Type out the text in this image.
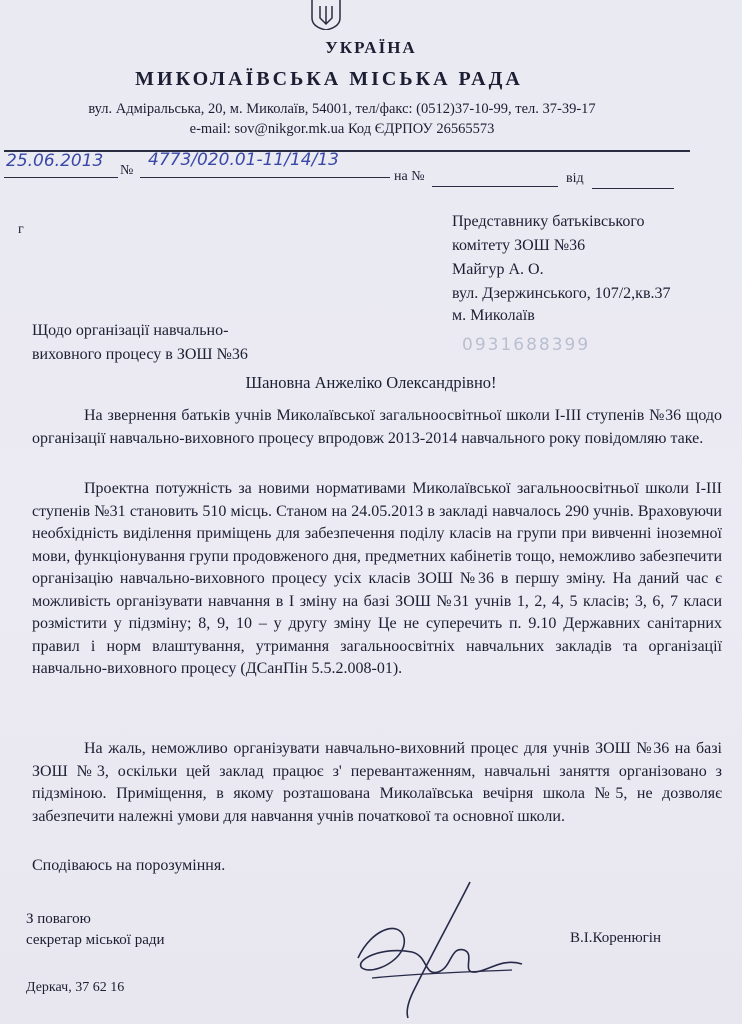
УКРАЇНА
МИКОЛАЇВСЬКА МІСЬКА РАДА
вул. Адміральська, 20, м. Миколаїв, 54001, тел/факс: (0512)37-10-99, тел. 37-39-17
e-mail: sov@nikgor.mk.ua Код ЄДРПОУ 26565573
25.06.2013 №
4773/020.01-11/14/13
на №	від
г	Представнику батьківського
комітету ЗОШ №36
Майгур А. О.
вул. Дзержинського, 107/2,кв.37
м. Миколаїв
0931688399
Щодо організації навчально-
виховного процесу в ЗОШ №36
Шановна Анжеліко Олександрівно!
На звернення батьків учнів Миколаївської загальноосвітньої школи I-III ступенів №36 щодо організації навчально-виховного процесу впродовж 2013-2014 навчального року повідомляю таке.
Проектна потужність за новими нормативами Миколаївської загальноосвітньої школи I-III ступенів №31 становить 510 місць. Станом на 24.05.2013 в закладі навчалось 290 учнів. Враховуючи необхідність виділення приміщень для забезпечення поділу класів на групи при вивченні іноземної мови, функціонування групи продовженого дня, предметних кабінетів тощо, неможливо забезпечити організацію навчально-виховного процесу усіх класів ЗОШ №36 в першу зміну. На даний час є можливість організувати навчання в I зміну на базі ЗОШ №31 учнів 1, 2, 4, 5 класів; 3, 6, 7 класи розмістити у підзміну; 8, 9, 10 – у другу зміну Це не суперечить п. 9.10 Державних санітарних правил і норм влаштування, утримання загальноосвітніх навчальних закладів та організації навчально-виховного процесу (ДСанПін 5.5.2.008-01).
На жаль, неможливо організувати навчально-виховний процес для учнів ЗОШ №36 на базі ЗОШ №3, оскільки цей заклад працює з' перевантаженням, навчальні заняття організовано з підзміною. Приміщення, в якому розташована Миколаївська вечірня школа №5, не дозволяє забезпечити належні умови для навчання учнів початкової та основної школи.
Сподіваюсь на порозуміння.
З повагою
секретар міської ради	В.І.Коренюгін
Деркач, 37 62 16
